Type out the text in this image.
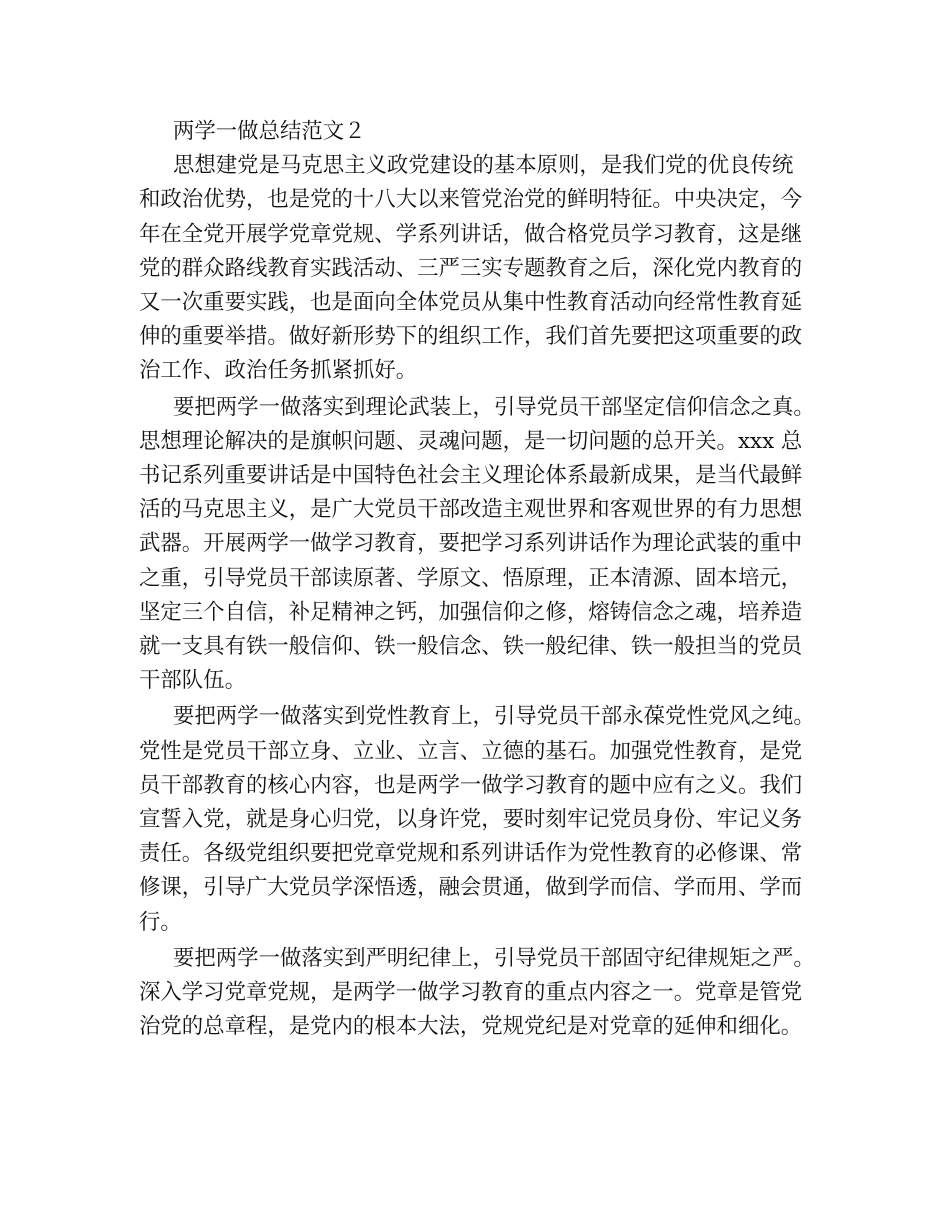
两学一做总结范文２
思想建党是马克思主义政党建设的基本原则，是我们党的优良传统
和政治优势，也是党的十八大以来管党治党的鲜明特征。中央决定，今
年在全党开展学党章党规、学系列讲话，做合格党员学习教育，这是继
党的群众路线教育实践活动、三严三实专题教育之后，深化党内教育的
又一次重要实践，也是面向全体党员从集中性教育活动向经常性教育延
伸的重要举措。做好新形势下的组织工作，我们首先要把这项重要的政
治工作、政治任务抓紧抓好。
要把两学一做落实到理论武装上，引导党员干部坚定信仰信念之真。
思想理论解决的是旗帜问题、灵魂问题，是一切问题的总开关。xxx 总
书记系列重要讲话是中国特色社会主义理论体系最新成果，是当代最鲜
活的马克思主义，是广大党员干部改造主观世界和客观世界的有力思想
武器。开展两学一做学习教育，要把学习系列讲话作为理论武装的重中
之重，引导党员干部读原著、学原文、悟原理，正本清源、固本培元，
坚定三个自信，补足精神之钙，加强信仰之修，熔铸信念之魂，培养造
就一支具有铁一般信仰、铁一般信念、铁一般纪律、铁一般担当的党员
干部队伍。
要把两学一做落实到党性教育上，引导党员干部永葆党性党风之纯。
党性是党员干部立身、立业、立言、立德的基石。加强党性教育，是党
员干部教育的核心内容，也是两学一做学习教育的题中应有之义。我们
宣誓入党，就是身心归党，以身许党，要时刻牢记党员身份、牢记义务
责任。各级党组织要把党章党规和系列讲话作为党性教育的必修课、常
修课，引导广大党员学深悟透，融会贯通，做到学而信、学而用、学而
行。
要把两学一做落实到严明纪律上，引导党员干部固守纪律规矩之严。
深入学习党章党规，是两学一做学习教育的重点内容之一。党章是管党
治党的总章程，是党内的根本大法，党规党纪是对党章的延伸和细化。
